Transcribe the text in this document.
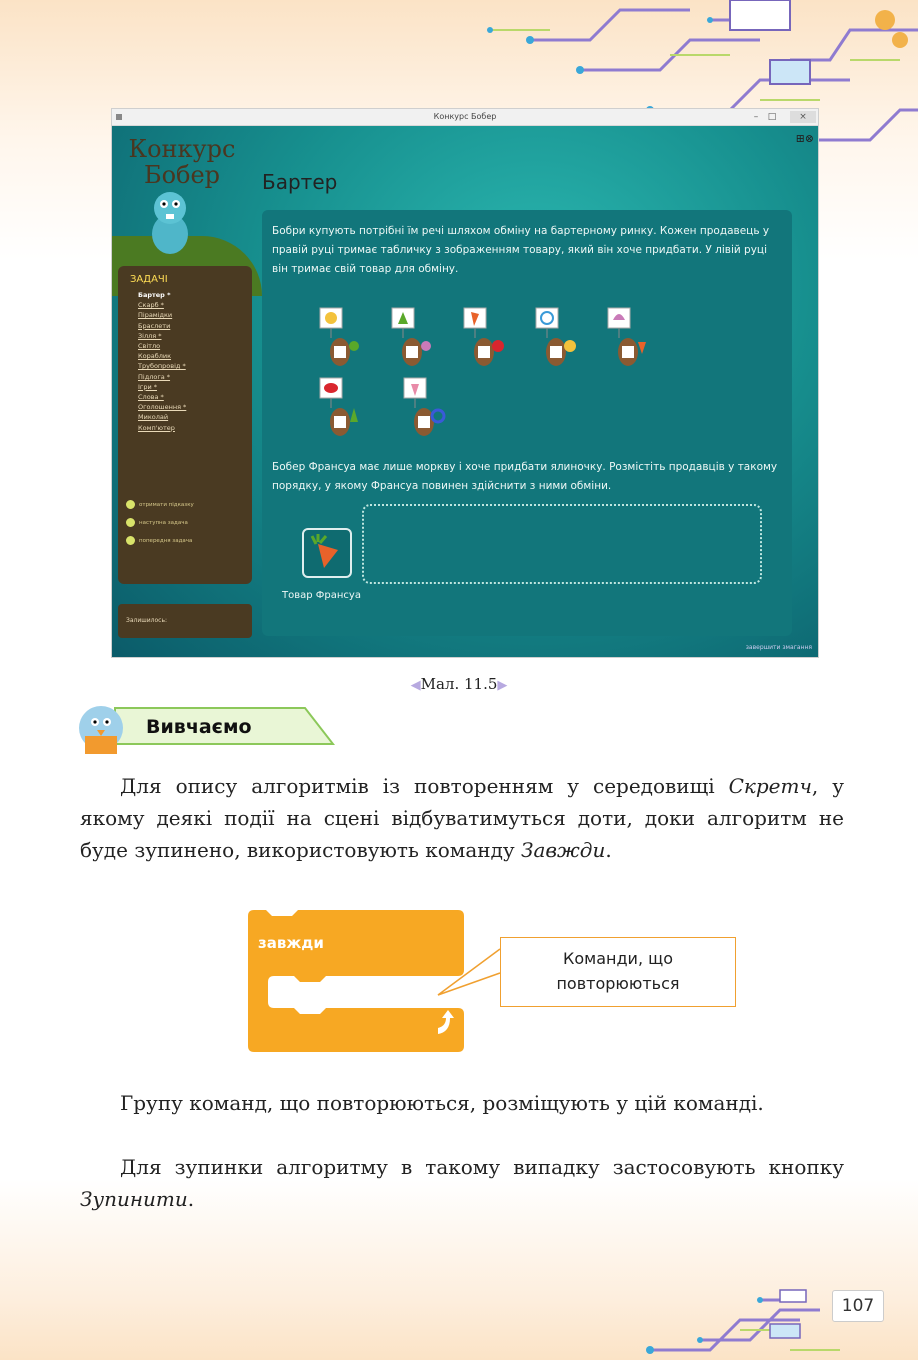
Конкурс Бобер	–	□	×
Конкурс
Бобер
⊞⊗
Бартер
ЗАДАЧІ
Бартер *
Скарб *
Пірамідки
Браслети
Зілля *
Світло
Кораблик
Трубопровід *
Підлога *
Ігри *
Слова *
Оголошення *
Миколай
Комп'ютер
отримати підказку
наступна задача
попередня задача
Залишилось:
Бобри купують потрібні їм речі шляхом обміну на бартерному ринку. Кожен продавець у правій руці тримає табличку з зображенням товару, який він хоче придбати. У лівій руці він тримає свій товар для обміну.
Бобер Франсуа має лише моркву і хоче придбати ялиночку. Розмістіть продавців у такому порядку, у якому Франсуа повинен здійснити з ними обміни.
Товар Франсуа
завершити змагання
◀Мал. 11.5▶
Вивчаємо

Для опису алгоритмів із повторенням у середовищі Скретч, у якому деякі події на сцені відбуватимуться доти, доки алгоритм не буде зупинено, використовують команду Завжди.

завжди
Команди, що повторюються

Групу команд, що повторюються, розміщують у цій команді.

Для зупинки алгоритму в такому випадку застосовують кнопку Зупинити.

107
